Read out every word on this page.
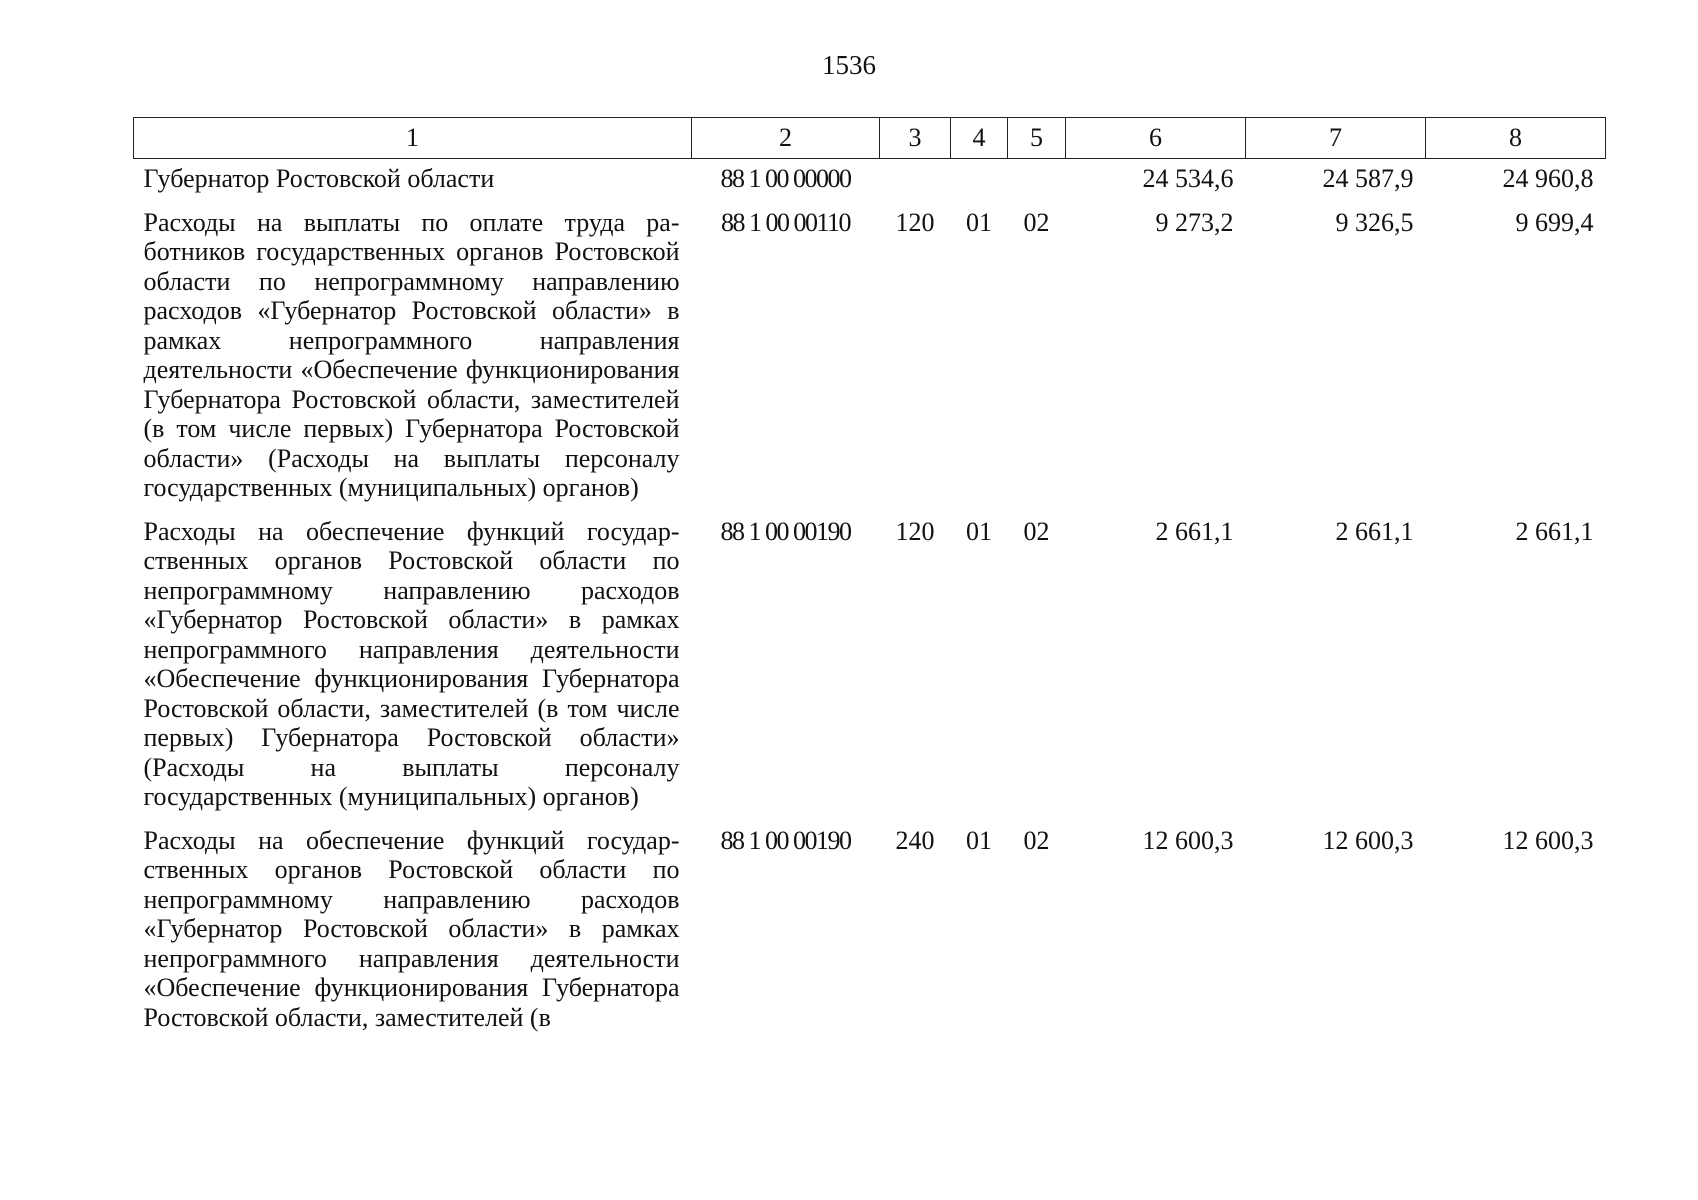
1536
1	2	3	4	5	6	7	8
Губернатор Ростовской области	88 1 00 00000				24 534,6	24 587,9	24 960,8
Расходы на выплаты по оплате труда работников государственных органов Ростовской области по непрограммному направлению расходов «Губернатор Ростовской области» в рамках непрограммного направления деятельности «Обеспечение функционирования Губернатора Ростовской области, заместителей (в том числе первых) Губернатора Ростовской области» (Расходы на выплаты персоналу государственных (муниципальных) органов)	88 1 00 00110	120	01	02	9 273,2	9 326,5	9 699,4
Расходы на обеспечение функций государственных органов Ростовской области по непрограммному направлению расходов «Губернатор Ростовской области» в рамках непрограммного направления деятельности «Обеспечение функционирования Губернатора Ростовской области, заместителей (в том числе первых) Губернатора Ростовской области» (Расходы на выплаты персоналу государственных (муниципальных) органов)	88 1 00 00190	120	01	02	2 661,1	2 661,1	2 661,1
Расходы на обеспечение функций государственных органов Ростовской области по непрограммному направлению расходов «Губернатор Ростовской области» в рамках непрограммного направления деятельности «Обеспечение функционирования Губернатора Ростовской области, заместителей (в	88 1 00 00190	240	01	02	12 600,3	12 600,3	12 600,3
